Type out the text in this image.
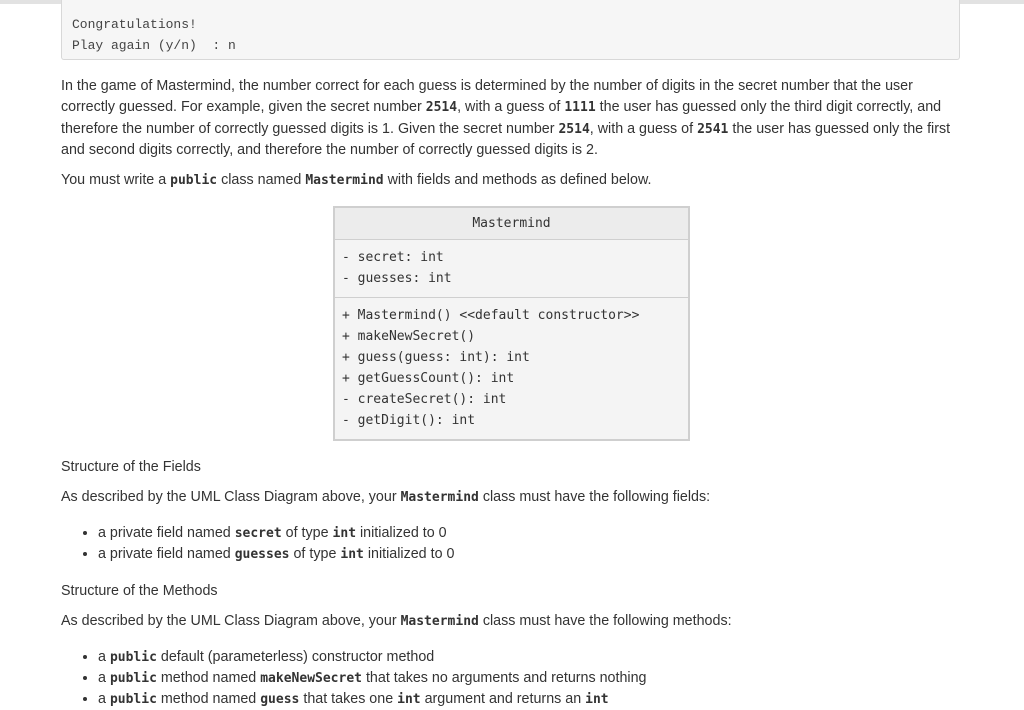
Congratulations!
Play again (y/n)  : n

In the game of Mastermind, the number correct for each guess is determined by the number of digits in the secret number that the user correctly guessed. For example, given the secret number 2514, with a guess of 1111 the user has guessed only the third digit correctly, and therefore the number of correctly guessed digits is 1. Given the secret number 2514, with a guess of 2541 the user has guessed only the first and second digits correctly, and therefore the number of correctly guessed digits is 2.

You must write a public class named Mastermind with fields and methods as defined below.
Mastermind
- secret: int
- guesses: int
+ Mastermind() <<default constructor>>
+ makeNewSecret()
+ guess(guess: int): int
+ getGuessCount(): int
- createSecret(): int
- getDigit(): int
Structure of the Fields
As described by the UML Class Diagram above, your Mastermind class must have the following fields:
• a private field named secret of type int initialized to 0
• a private field named guesses of type int initialized to 0
Structure of the Methods
As described by the UML Class Diagram above, your Mastermind class must have the following methods:
• a public default (parameterless) constructor method
• a public method named makeNewSecret that takes no arguments and returns nothing
• a public method named guess that takes one int argument and returns an int
